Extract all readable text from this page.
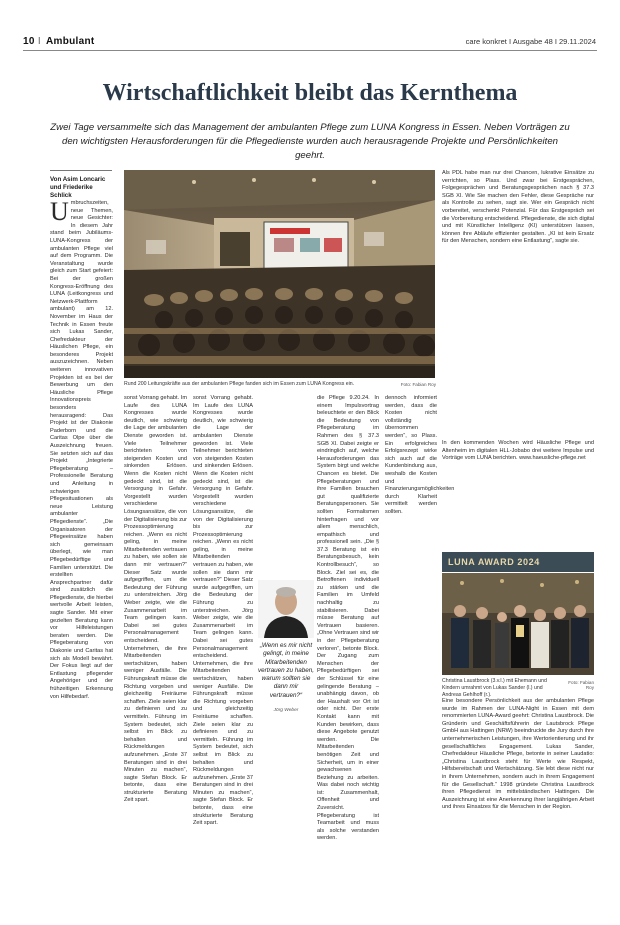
10 I Ambulant	care konkret I Ausgabe 48 I 29.11.2024
Wirtschaftlichkeit bleibt das Kernthema
Zwei Tage versammelte sich das Management der ambulanten Pflege zum LUNA Kongress in Essen. Neben Vorträgen zu den wichtigsten Herausforderungen für die Pflegedienste wurden auch herausragende Projekte und Persönlichkeiten geehrt.
Von Asim Loncaric und Friederike Schlick
U mbruchszeiten, neue Themen, neue Gesichter: In diesem Jahr stand beim Jubiläums-LUNA-Kongress der ambulanten Pflege viel auf dem Programm. Die Veranstaltung wurde gleich zum Start gefeiert: Bei der großen Kongress-Eröffnung des LUNA (Leitkongress und Netzwerk-Plattform ambulant) am 12. November im Haus der Technik in Essen freute sich Lukas Sander, Chefredakteur der Häuslichen Pflege, ein besonderes Projekt auszuzeichnen. Neben weiteren innovativen Projekten ist es bei der Bewerbung um den Häusliche Pflege Innovationspreis besonders herausragend: Das Projekt ist der Diakonie Paderborn und die Caritas Olpe über die Auszeichnung freuen. Sie setzten sich auf das Projekt „Integrierte Pflegeberatung – Professionelle Beratung und Anleitung in schwierigen Pflegesituationen als neue Leistung ambulanter Pflegedienste“. „Die Organisatoren der Pflegeeinsätze haben sich gemeinsam überlegt, wie man Pflegebedürftige und Familien unterstützt. Die erstellten Ansprechpartner dafür sind zusätzlich die Pflegedienste, die hierbei wertvolle Arbeit leisten, sagte Sander. Mit einer gezielten Beratung kann vor Hilfeleistungen beraten werden. Die Pflegeberatung von Diakonie und Caritas hat sich als Modell bewährt. Der Fokus liegt auf der Entlastung pflegender Angehöriger und der frühzeitigen Erkennung von Hilfebedarf.
Rund 200 Leitungskräfte aus der ambulanten Pflege fanden sich im Essen zum LUNA Kongress ein.	Foto: Fabian Roy
sonst Vorrang gehabt. Im Laufe des LUNA Kongresses wurde deutlich, wie schwierig die Lage der ambulanten Dienste geworden ist. Viele Teilnehmer berichteten von steigenden Kosten und sinkenden Erlösen. Wenn die Kosten nicht gedeckt sind, ist die Versorgung in Gefahr. Vorgestellt wurden verschiedene Lösungsansätze, die von der Digitalisierung bis zur Prozessoptimierung reichen. „Wenn es nicht geling, in meine Mitarbeitenden vertrauen zu haben, wie sollen sie dann mir vertrauen?“ Dieser Satz wurde aufgegriffen, um die Bedeutung der Führung zu unterstreichen. Jörg Weber zeigte, wie die Zusammenarbeit im Team gelingen kann. Dabei sei gutes Personalmanagement entscheidend. Unternehmen, die ihre Mitarbeitenden wertschätzen, haben weniger Ausfälle. Die Führungskraft müsse die Richtung vorgeben und gleichzeitig Freiräume schaffen. Ziele seien klar zu definieren und zu vermitteln. Führung im System bedeutet, sich selbst im Blick zu behalten und Rückmeldungen aufzunehmen. „Erste 37 Beratungen sind in drei Minuten zu machen“, sagte Stefan Block. Er betonte, dass eine strukturierte Beratung Zeit spart.
sonst Vorrang gehabt. Im Laufe des LUNA Kongresses wurde deutlich, wie schwierig die Lage der ambulanten Dienste geworden ist. Viele Teilnehmer berichteten von steigenden Kosten und sinkenden Erlösen. Wenn die Kosten nicht gedeckt sind, ist die Versorgung in Gefahr. Vorgestellt wurden verschiedene Lösungsansätze, die von der Digitalisierung bis zur Prozessoptimierung reichen. „Wenn es nicht geling, in meine Mitarbeitenden vertrauen zu haben, wie sollen sie dann mir vertrauen?“ Dieser Satz wurde aufgegriffen, um die Bedeutung der Führung zu unterstreichen. Jörg Weber zeigte, wie die Zusammenarbeit im Team gelingen kann. Dabei sei gutes Personalmanagement entscheidend. Unternehmen, die ihre Mitarbeitenden wertschätzen, haben weniger Ausfälle. Die Führungskraft müsse die Richtung vorgeben und gleichzeitig Freiräume schaffen. Ziele seien klar zu definieren und zu vermitteln. Führung im System bedeutet, sich selbst im Blick zu behalten und Rückmeldungen aufzunehmen. „Erste 37 Beratungen sind in drei Minuten zu machen“, sagte Stefan Block. Er betonte, dass eine strukturierte Beratung Zeit spart.
„Wenn es mir nicht gelingt, in meine Mitarbeitenden vertrauen zu haben, warum sollten sie dann mir vertrauen?“
Jörg Weber
die Pflege 9.20.24. In einem Impulsvortrag beleuchtete er den Blick die Bedeutung von Pflegeberatung im Rahmen des § 37.3 SGB XI. Dabei zeigte er eindringlich auf, welche Herausforderungen das System birgt und welche Chancen es bietet. Die Pflegeberatungen und ihre Familien brauchen gut qualifizierte Beratungspersonen. Sie sollten Formalismen hinterfragen und vor allem menschlich, empathisch und professionell sein. „Die § 37.3 Beratung ist ein Beratungsbesuch, kein Kontrollbesuch“, so Block. Ziel sei es, die Betroffenen individuell zu stärken und die Familien im Umfeld nachhaltig zu stabilisieren. Dabei müsse Beratung auf Vertrauen basieren. „Ohne Vertrauen sind wir in der Pflegeberatung verloren“, betonte Block. Der Zugang zum Menschen der Pflegebedürftigen sei der Schlüssel für eine gelingende Beratung – unabhängig davon, ob der Haushalt vor Ort ist oder nicht. Der erste Kontakt kann mit Kunden bewirken, dass diese Angebote genutzt werden. Die Mitarbeitenden benötigen Zeit und Sicherheit, um in einer gewachsenen Beziehung zu arbeiten. Was dabei noch wichtig ist: Zusammenhalt, Offenheit und Zuversicht. Pflegeberatung ist Teamarbeit und muss als solche verstanden werden.
dennoch informiert werden, dass die Kosten nicht vollständig übernommen werden“, so Plass. Ein erfolgreiches Erfolgsrezept wirke sich auch auf die Kundenbindung aus, weshalb die Kosten und Finanzierungsmöglichkeiten durch Klarheit vermittelt werden sollten.
Als PDL habe man nur drei Chancen, lukrative Einsätze zu verrichten, so Plass. Und zwar bei Erstgesprächen, Folgegesprächen und Beratungsgesprächen nach § 37.3 SGB XI. Wie Sie machen den Fehler, diese Gespräche nur als Kontrolle zu sehen, sagt sie. Wer ein Gespräch nicht vorbereitet, verschenkt Potenzial. Für das Erstgespräch sei die Vorbereitung entscheidend. Pflegedienste, die sich digital und mit Künstlicher Intelligenz (KI) unterstützen lassen, können ihre Abläufe effizienter gestalten. „KI ist kein Ersatz für den Menschen, sondern eine Entlastung“, sagte sie.
In den kommenden Wochen wird Häusliche Pflege und Altenheim im digitalen HLL-Jobabo drei weitere Impulse und Vorträge vom LUNA berichten. www.haeusliche-pflege.net
LUNA AWARD 2024
Christina Laustbrock (3.v.l.) mit Ehemann und Kindern umrahmt von Lukas Sander (l.) und Andreas Gehlhoff (r.).
Foto: Fabian Roy
Eine besondere Persönlichkeit aus der ambulanten Pflege wurde im Rahmen der LUNA-Night in Essen mit dem renommierten LUNA-Award geehrt: Christina Laustbrock. Die Gründerin und Geschäftsführerin der Lautsbrock Pflege GmbH aus Hattingen (NRW) beeindruckte die Jury durch ihre unternehmerischen Leistungen, ihre Wertorientierung und ihr gesellschaftliches Engagement. Lukas Sander, Chefredakteur Häusliche Pflege, betonte in seiner Laudatio: „Christina Laustbrock steht für Werte wie Respekt, Hilfsbereitschaft und Wertschätzung. Sie lebt diese nicht nur in ihrem Unternehmen, sondern auch in ihrem Engagement für die Gesellschaft.“ 1998 gründete Christina Laustbrock ihren Pflegedienst im mittelständischen Hattingen. Die Auszeichnung ist eine Anerkennung ihrer langjährigen Arbeit und ihres Einsatzes für die Menschen in der Region.
